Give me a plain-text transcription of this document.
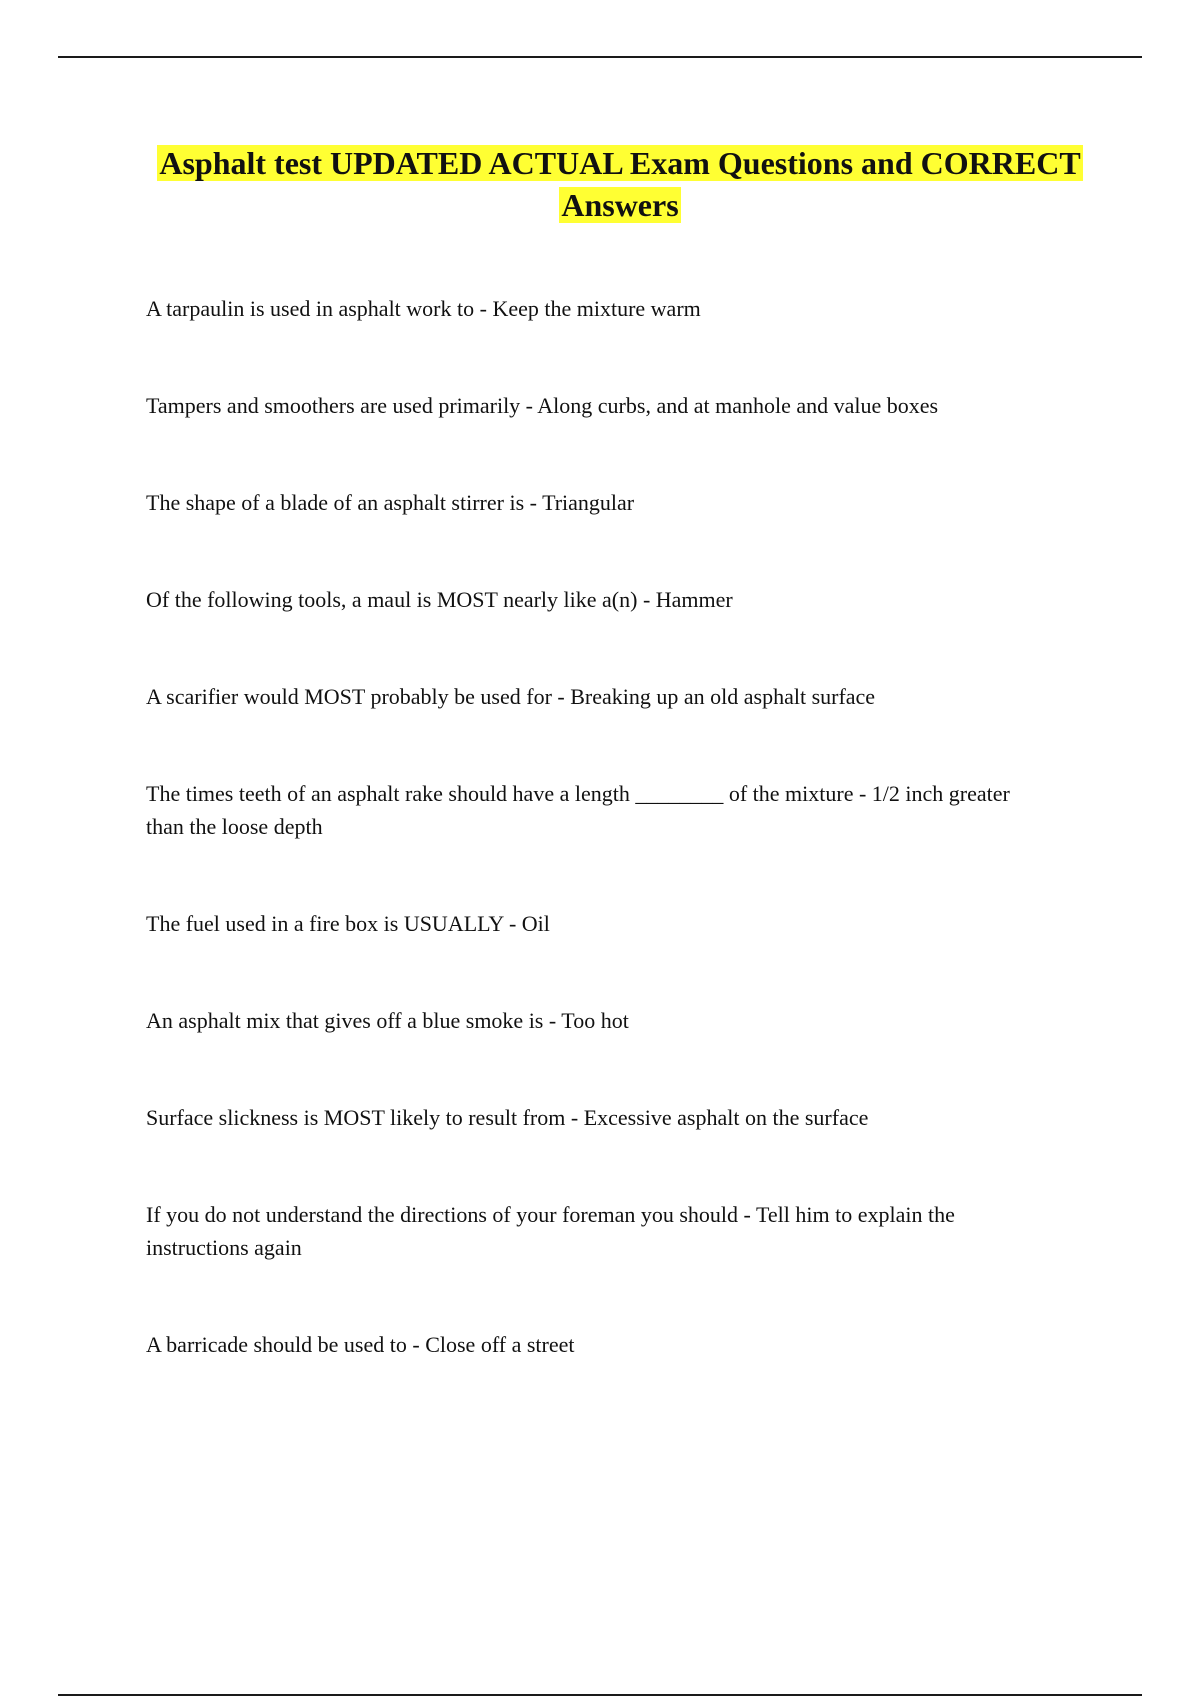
Asphalt test UPDATED ACTUAL Exam Questions and CORRECT Answers
A tarpaulin is used in asphalt work to - Keep the mixture warm
Tampers and smoothers are used primarily - Along curbs, and at manhole and value boxes
The shape of a blade of an asphalt stirrer is - Triangular
Of the following tools, a maul is MOST nearly like a(n) - Hammer
A scarifier would MOST probably be used for - Breaking up an old asphalt surface
The times teeth of an asphalt rake should have a length ________ of the mixture - 1/2 inch greater than the loose depth
The fuel used in a fire box is USUALLY - Oil
An asphalt mix that gives off a blue smoke is - Too hot
Surface slickness is MOST likely to result from - Excessive asphalt on the surface
If you do not understand the directions of your foreman you should - Tell him to explain the instructions again
A barricade should be used to - Close off a street
